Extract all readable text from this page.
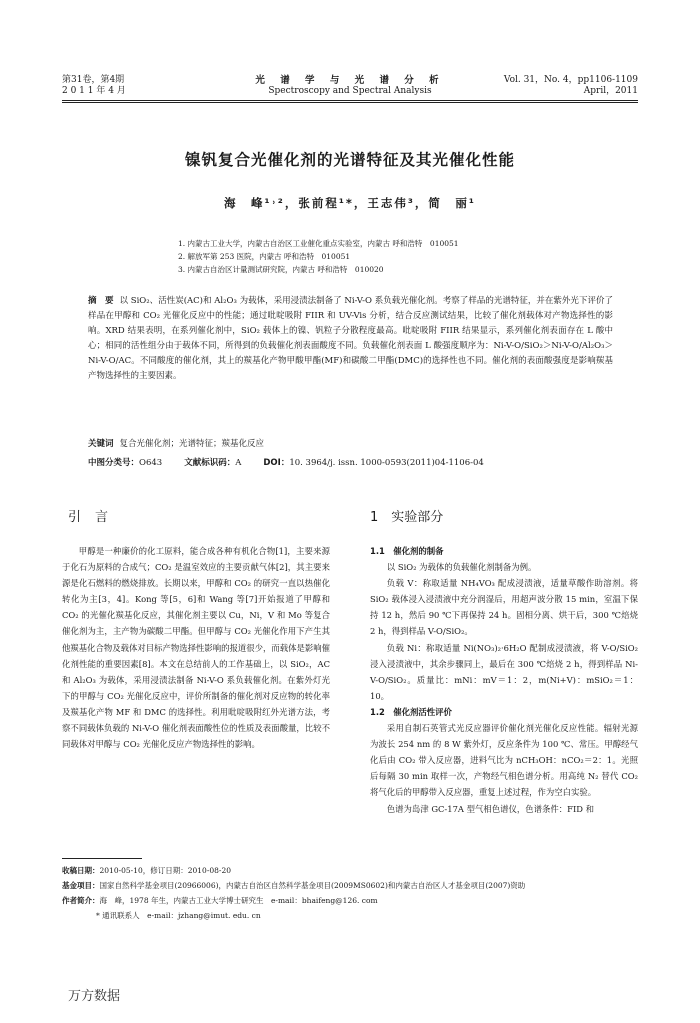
第31卷，第4期
2 0 1 1 年 4 月
光 谱 学 与 光 谱 分 析
Spectroscopy and Spectral Analysis
Vol. 31，No. 4，pp1106-1109
April，2011
镍钒复合光催化剂的光谱特征及其光催化性能
海　峰¹˒²，张前程¹*，王志伟³，简　丽¹
1. 内蒙古工业大学，内蒙古自治区工业催化重点实验室，内蒙古 呼和浩特　010051
2. 解放军第 253 医院，内蒙古 呼和浩特　010051
3. 内蒙古自治区计量测试研究院，内蒙古 呼和浩特　010020
摘　要 以 SiO₂、活性炭(AC)和 Al₂O₃ 为载体，采用浸渍法制备了 Ni-V-O 系负载光催化剂。考察了样品的光谱特征，并在紫外光下评价了样品在甲醇和 CO₂ 光催化反应中的性能；通过吡啶吸附 FIIR 和 UV-Vis 分析，结合反应测试结果，比较了催化剂载体对产物选择性的影响。XRD 结果表明，在系列催化剂中，SiO₂ 载体上的镍、钒粒子分散程度最高。吡啶吸附 FIIR 结果显示，系列催化剂表面存在 L 酸中心；相同的活性组分由于载体不同，所得到的负载催化剂表面酸度不同。负载催化剂表面 L 酸强度顺序为：Ni-V-O/SiO₂＞Ni-V-O/Al₂O₃＞Ni-V-O/AC。不同酸度的催化剂，其上的羰基化产物甲酸甲酯(MF)和碳酸二甲酯(DMC)的选择性也不同。催化剂的表面酸强度是影响羰基产物选择性的主要因素。
关键词 复合光催化剂；光谱特征；羰基化反应
中图分类号：O643	文献标识码：A	DOI：10. 3964/j. issn. 1000-0593(2011)04-1106-04
引言	1　实验部分

甲醇是一种廉价的化工原料，能合成各种有机化合物[1]，主要来源于化石为原料的合成气；CO₂ 是温室效应的主要贡献气体[2]，其主要来源是化石燃料的燃烧排放。长期以来，甲醇和 CO₂ 的研究一直以热催化转化为主[3，4]。Kong 等[5，6]和 Wang 等[7]开始报道了甲醇和 CO₂ 的光催化羰基化反应，其催化剂主要以 Cu，Ni，V 和 Mo 等复合催化剂为主，主产物为碳酸二甲酯。但甲醇与 CO₂ 光催化作用下产生其他羰基化合物及载体对目标产物选择性影响的报道很少，而载体是影响催化剂性能的重要因素[8]。本文在总结前人的工作基础上，以 SiO₂，AC 和 Al₂O₃ 为载体，采用浸渍法制备 Ni-V-O 系负载催化剂。在紫外灯光下的甲醇与 CO₂ 光催化反应中，评价所制备的催化剂对反应物的转化率及羰基化产物 MF 和 DMC 的选择性。利用吡啶吸附红外光谱方法，考察不同载体负载的 Ni-V-O 催化剂表面酸性位的性质及表面酸量，比较不同载体对甲醇与 CO₂ 光催化反应产物选择性的影响。

1.1　催化剂的制备

以 SiO₂ 为载体的负载催化剂制备为例。

负载 V：称取适量 NH₄VO₃ 配成浸渍液，适量草酸作助溶剂。将 SiO₂ 载体浸入浸渍液中充分润湿后，用超声波分散 15 min，室温下保持 12 h，然后 90 ℃下再保持 24 h。固相分离、烘干后，300 ℃焙烧 2 h，得到样品 V-O/SiO₂。

负载 Ni：称取适量 Ni(NO₃)₂·6H₂O 配制成浸渍液，将 V-O/SiO₂ 浸入浸渍液中，其余步骤同上，最后在 300 ℃焙烧 2 h，得到样品 Ni-V-O/SiO₂。质量比：mNi：mV＝1：2，m(Ni+V)：mSiO₂＝1：10。

1.2　催化剂活性评价

采用自制石英管式光反应器评价催化剂光催化反应性能。辐射光源为波长 254 nm 的 8 W 紫外灯，反应条件为 100 ℃、常压。甲醇经气化后由 CO₂ 带入反应器，进料气比为 nCH₃OH：nCO₂＝2：1。光照后每隔 30 min 取样一次，产物经气相色谱分析。用高纯 N₂ 替代 CO₂ 将气化后的甲醇带入反应器，重复上述过程，作为空白实验。

色谱为岛津 GC-17A 型气相色谱仪，色谱条件：FID 和

收稿日期：2010-05-10，修订日期：2010-08-20
基金项目：国家自然科学基金项目(20966006)，内蒙古自治区自然科学基金项目(2009MS0602)和内蒙古自治区人才基金项目(2007)资助
作者简介：海　峰，1978 年生，内蒙古工业大学博士研究生　e-mail：bhaifeng@126. com
* 通讯联系人　e-mail：jzhang@imut. edu. cn
万方数据
